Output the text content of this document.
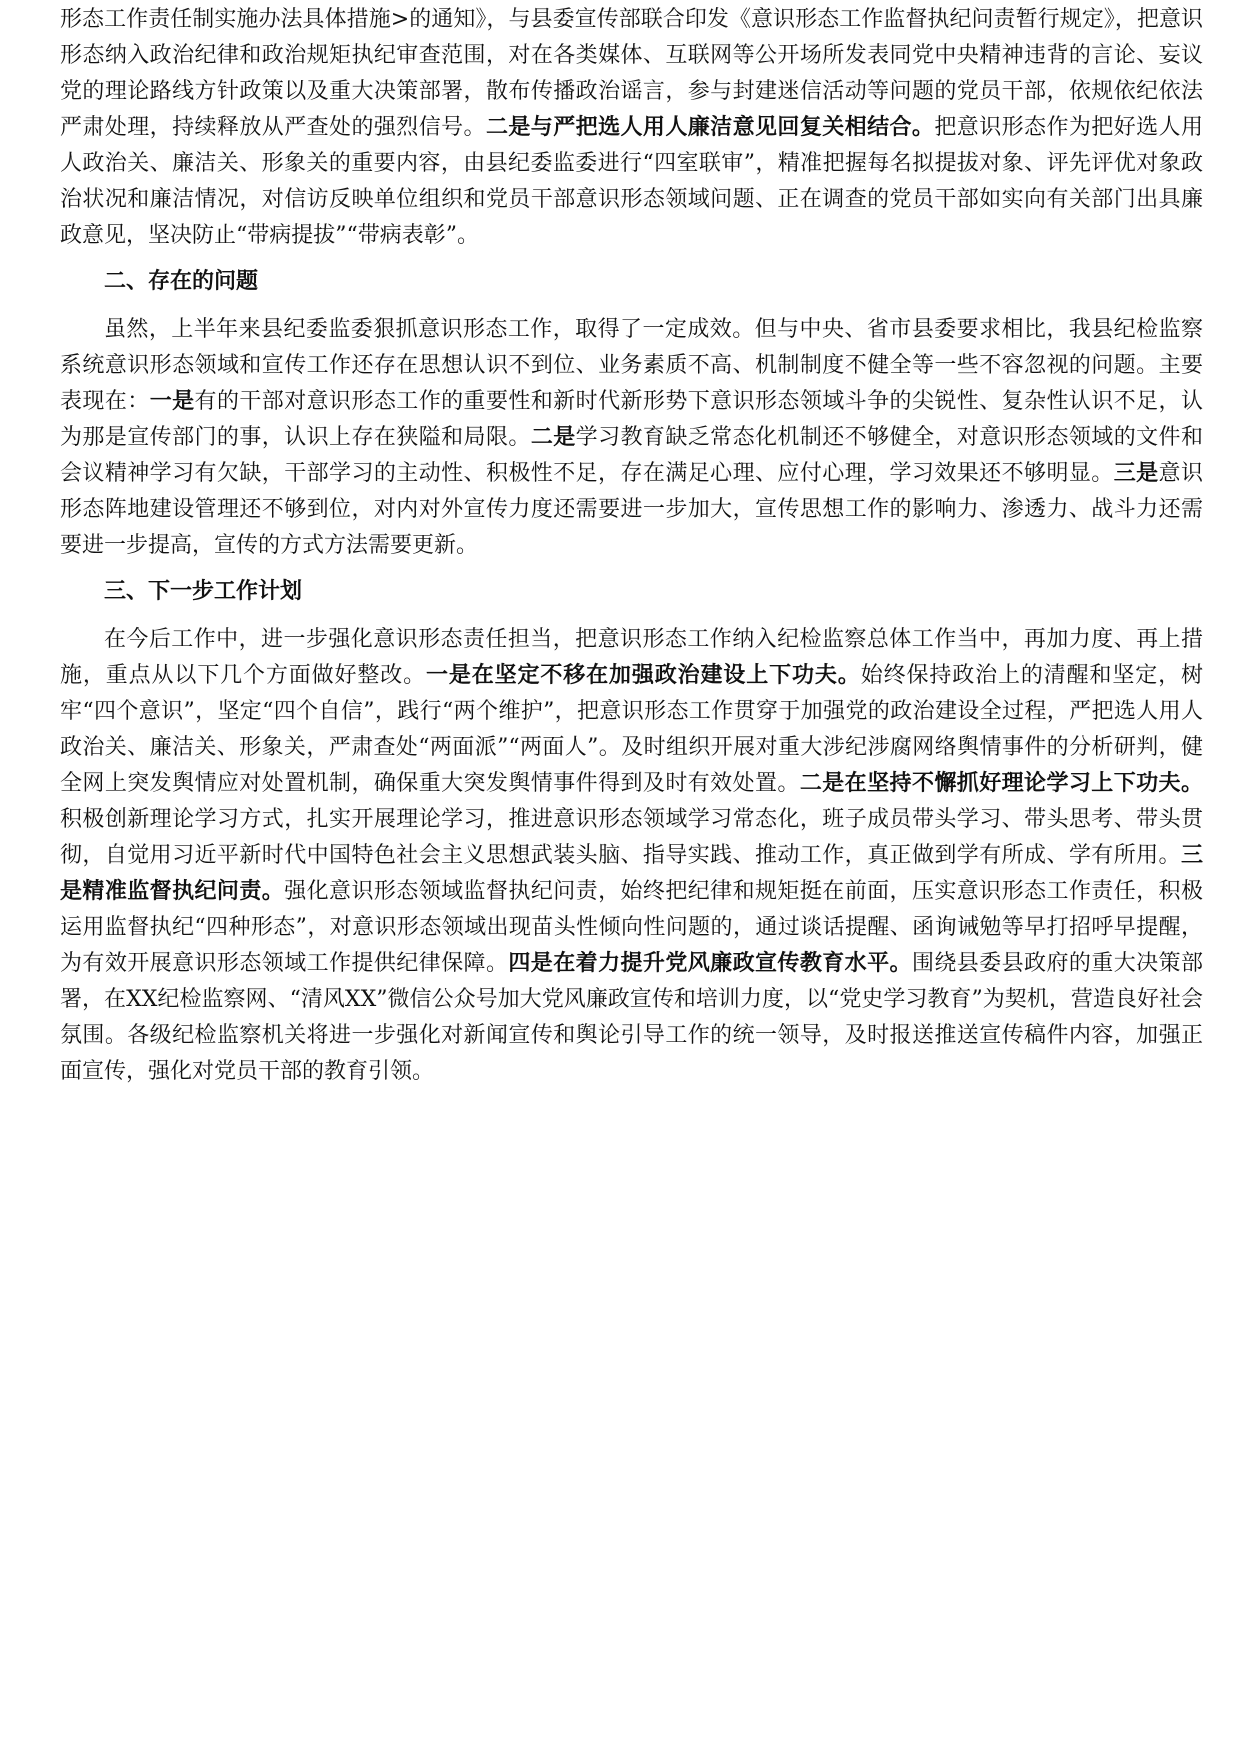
形态工作责任制实施办法具体措施>的通知》，与县委宣传部联合印发《意识形态工作监督执纪问责暂行规定》，把意识形态纳入政治纪律和政治规矩执纪审查范围，对在各类媒体、互联网等公开场所发表同党中央精神违背的言论、妄议党的理论路线方针政策以及重大决策部署，散布传播政治谣言，参与封建迷信活动等问题的党员干部，依规依纪依法严肃处理，持续释放从严查处的强烈信号。二是与严把选人用人廉洁意见回复关相结合。把意识形态作为把好选人用人政治关、廉洁关、形象关的重要内容，由县纪委监委进行“四室联审”，精准把握每名拟提拔对象、评先评优对象政治状况和廉洁情况，对信访反映单位组织和党员干部意识形态领域问题、正在调查的党员干部如实向有关部门出具廉政意见，坚决防止“带病提拔”“带病表彰”。

二、存在的问题

虽然，上半年来县纪委监委狠抓意识形态工作，取得了一定成效。但与中央、省市县委要求相比，我县纪检监察系统意识形态领域和宣传工作还存在思想认识不到位、业务素质不高、机制制度不健全等一些不容忽视的问题。主要表现在：一是有的干部对意识形态工作的重要性和新时代新形势下意识形态领域斗争的尖锐性、复杂性认识不足，认为那是宣传部门的事，认识上存在狭隘和局限。二是学习教育缺乏常态化机制还不够健全，对意识形态领域的文件和会议精神学习有欠缺，干部学习的主动性、积极性不足，存在满足心理、应付心理，学习效果还不够明显。三是意识形态阵地建设管理还不够到位，对内对外宣传力度还需要进一步加大，宣传思想工作的影响力、渗透力、战斗力还需要进一步提高，宣传的方式方法需要更新。

三、下一步工作计划

在今后工作中，进一步强化意识形态责任担当，把意识形态工作纳入纪检监察总体工作当中，再加力度、再上措施，重点从以下几个方面做好整改。一是在坚定不移在加强政治建设上下功夫。始终保持政治上的清醒和坚定，树牢“四个意识”，坚定“四个自信”，践行“两个维护”，把意识形态工作贯穿于加强党的政治建设全过程，严把选人用人政治关、廉洁关、形象关，严肃查处“两面派”“两面人”。及时组织开展对重大涉纪涉腐网络舆情事件的分析研判，健全网上突发舆情应对处置机制，确保重大突发舆情事件得到及时有效处置。二是在坚持不懈抓好理论学习上下功夫。积极创新理论学习方式，扎实开展理论学习，推进意识形态领域学习常态化，班子成员带头学习、带头思考、带头贯彻，自觉用习近平新时代中国特色社会主义思想武装头脑、指导实践、推动工作，真正做到学有所成、学有所用。三是精准监督执纪问责。强化意识形态领域监督执纪问责，始终把纪律和规矩挺在前面，压实意识形态工作责任，积极运用监督执纪“四种形态”，对意识形态领域出现苗头性倾向性问题的，通过谈话提醒、函询诫勉等早打招呼早提醒，为有效开展意识形态领域工作提供纪律保障。四是在着力提升党风廉政宣传教育水平。围绕县委县政府的重大决策部署，在XX纪检监察网、“清风XX”微信公众号加大党风廉政宣传和培训力度，以“党史学习教育”为契机，营造良好社会氛围。各级纪检监察机关将进一步强化对新闻宣传和舆论引导工作的统一领导，及时报送推送宣传稿件内容，加强正面宣传，强化对党员干部的教育引领。
